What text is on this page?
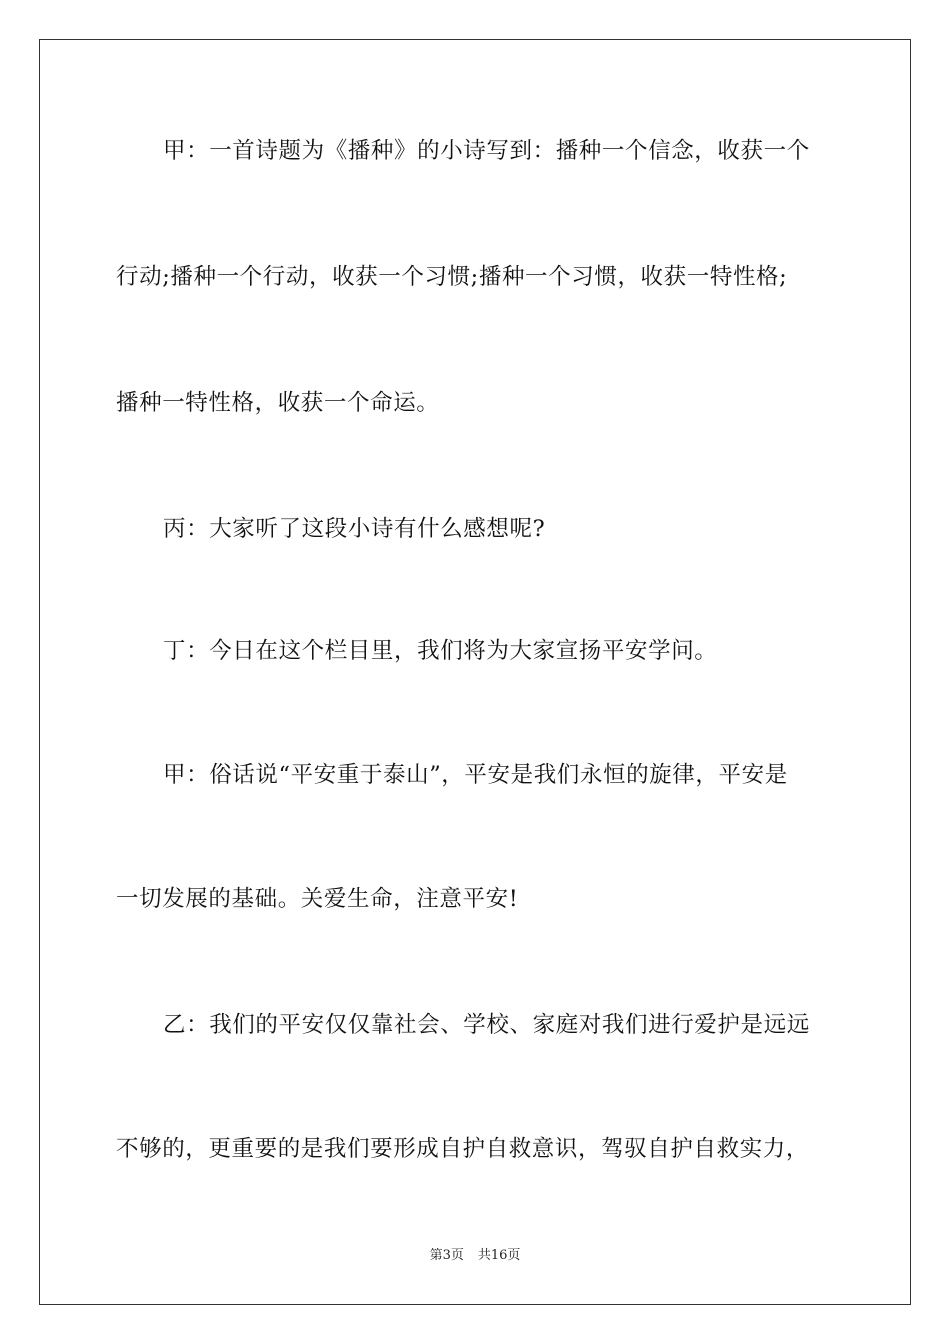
甲：一首诗题为《播种》的小诗写到：播种一个信念，收获一个
行动;播种一个行动，收获一个习惯;播种一个习惯，收获一特性格;
播种一特性格，收获一个命运。
丙：大家听了这段小诗有什么感想呢?
丁：今日在这个栏目里，我们将为大家宣扬平安学问。
甲：俗话说“平安重于泰山”，平安是我们永恒的旋律，平安是
一切发展的基础。关爱生命，注意平安!
乙：我们的平安仅仅靠社会、学校、家庭对我们进行爱护是远远
不够的，更重要的是我们要形成自护自救意识，驾驭自护自救实力，
第3页 共16页
